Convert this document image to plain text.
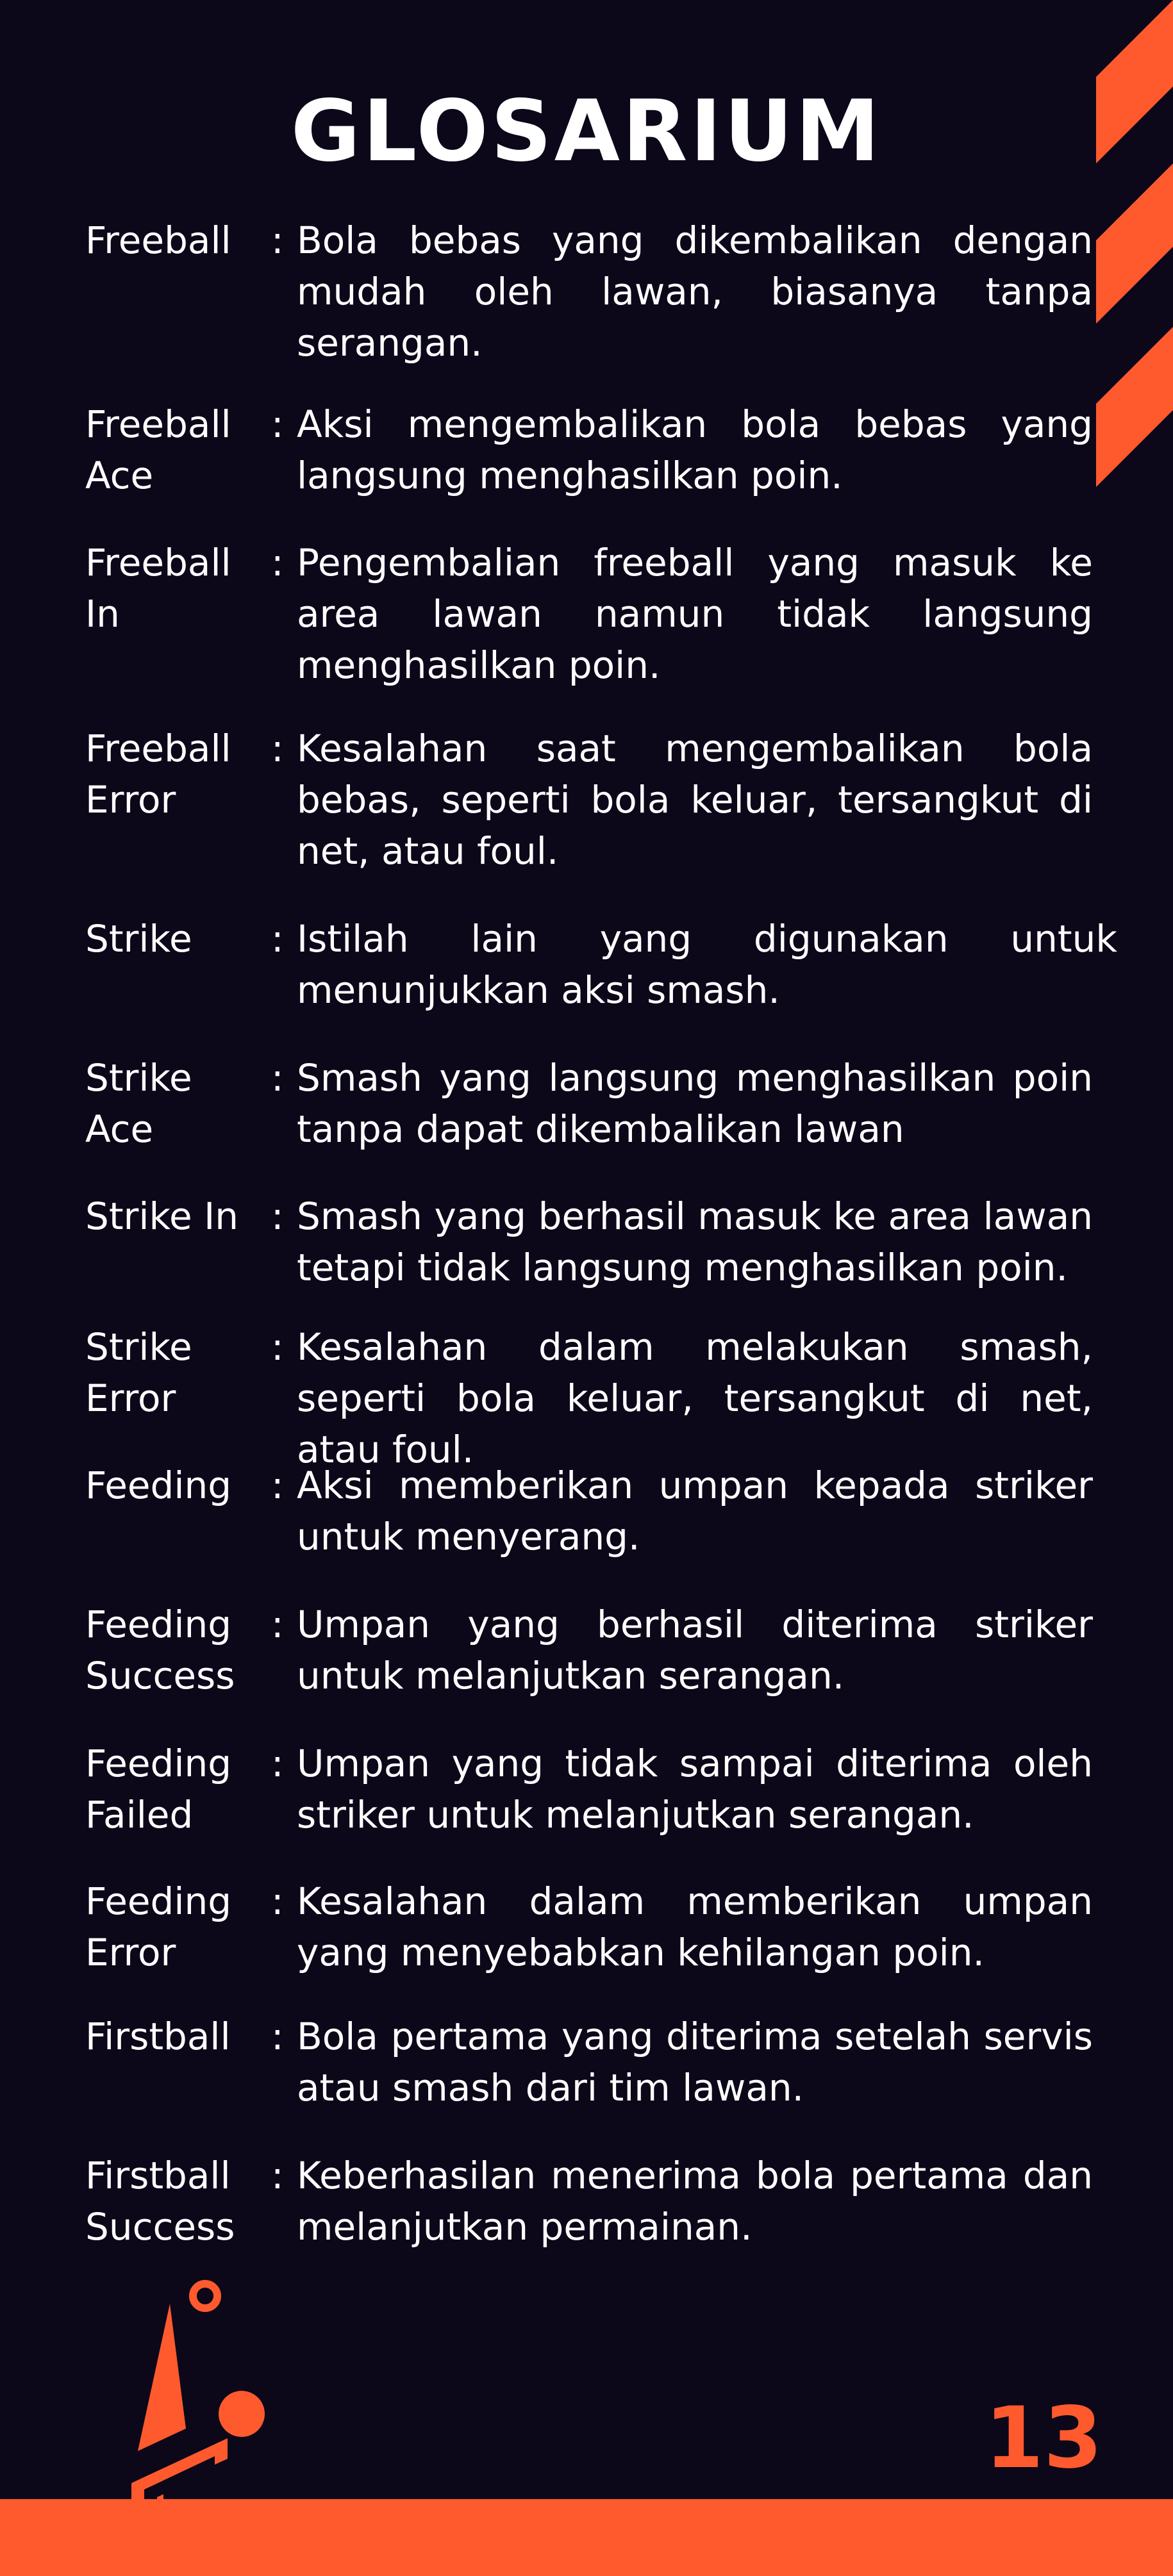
GLOSARIUM
Freeball	: Bola bebas yang dikembalikan dengan mudah oleh lawan, biasanya tanpa serangan.
Freeball Ace
: Aksi mengembalikan bola bebas yang langsung menghasilkan poin.
Freeball In
: Pengembalian freeball yang masuk ke area lawan namun tidak langsung menghasilkan poin.
Freeball Error
: Kesalahan saat mengembalikan bola bebas, seperti bola keluar, tersangkut di net, atau foul.
Strike	: Istilah lain yang digunakan untuk menunjukkan aksi smash.
Strike Ace
: Smash yang langsung menghasilkan poin tanpa dapat dikembalikan lawan
Strike In : Smash yang berhasil masuk ke area lawan tetapi tidak langsung menghasilkan poin.
Strike Error
: Kesalahan dalam melakukan smash, seperti bola keluar, tersangkut di net, atau foul.
Feeding	: Aksi memberikan umpan kepada striker untuk menyerang.
Feeding Success
: Umpan yang berhasil diterima striker untuk melanjutkan serangan.
Feeding Failed
: Umpan yang tidak sampai diterima oleh striker untuk melanjutkan serangan.
Feeding Error
: Kesalahan dalam memberikan umpan yang menyebabkan kehilangan poin.
Firstball	: Bola pertama yang diterima setelah servis atau smash dari tim lawan.
Firstball Success
: Keberhasilan menerima bola pertama dan melanjutkan permainan.
13
